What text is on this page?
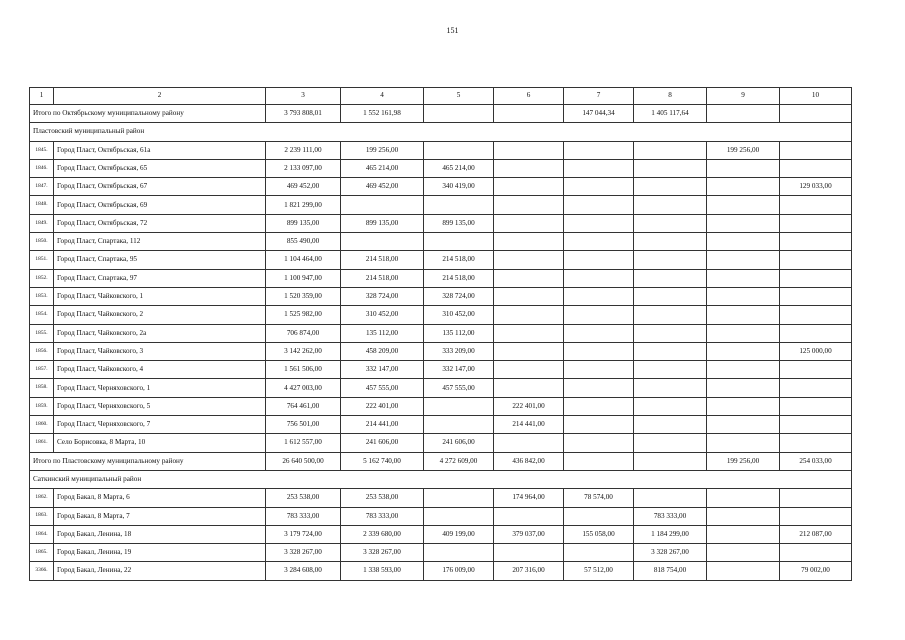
151
1	2	3	4	5	6	7	8	9	10
Итого по Октябрьскому муниципальному району		3 793 808,01	1 552 161,98			147 044,34	1 405 117,64		
Пластовский муниципальный район									
1845.	Город Пласт, Октябрьская, 61а	2 239 111,00	199 256,00					199 256,00	
1846.	Город Пласт, Октябрьская, 65	2 133 097,00	465 214,00	465 214,00					
1847.	Город Пласт, Октябрьская, 67	469 452,00	469 452,00	340 419,00					129 033,00
1848.	Город Пласт, Октябрьская, 69	1 821 299,00							
1849.	Город Пласт, Октябрьская, 72	899 135,00	899 135,00	899 135,00					
1850.	Город Пласт, Спартака, 112	855 490,00							
1851.	Город Пласт, Спартака, 95	1 104 464,00	214 518,00	214 518,00					
1852.	Город Пласт, Спартака, 97	1 100 947,00	214 518,00	214 518,00					
1853.	Город Пласт, Чайковского, 1	1 520 359,00	328 724,00	328 724,00					
1854.	Город Пласт, Чайковского, 2	1 525 982,00	310 452,00	310 452,00					
1855.	Город Пласт, Чайковского, 2а	706 874,00	135 112,00	135 112,00					
1856.	Город Пласт, Чайковского, 3	3 142 262,00	458 209,00	333 209,00					125 000,00
1857.	Город Пласт, Чайковского, 4	1 561 506,00	332 147,00	332 147,00					
1858.	Город Пласт, Черняховского, 1	4 427 003,00	457 555,00	457 555,00					
1859.	Город Пласт, Черняховского, 5	764 461,00	222 401,00		222 401,00				
1860.	Город Пласт, Черняховского, 7	756 501,00	214 441,00		214 441,00				
1861.	Село Борисовка, 8 Марта, 10	1 612 557,00	241 606,00	241 606,00					
Итого по Пластовскому муниципальному району		26 640 500,00	5 162 740,00	4 272 609,00	436 842,00			199 256,00	254 033,00
Саткинский муниципальный район									
1862.	Город Бакал, 8 Марта, 6	253 538,00	253 538,00		174 964,00	78 574,00			
1863.	Город Бакал, 8 Марта, 7	783 333,00	783 333,00				783 333,00		
1864.	Город Бакал, Ленина, 18	3 179 724,00	2 339 680,00	409 199,00	379 037,00	155 058,00	1 184 299,00		212 087,00
1865.	Город Бакал, Ленина, 19	3 328 267,00	3 328 267,00				3 328 267,00		
3366.	Город Бакал, Ленина, 22	3 284 608,00	1 338 593,00	176 009,00	207 316,00	57 512,00	818 754,00		79 002,00
